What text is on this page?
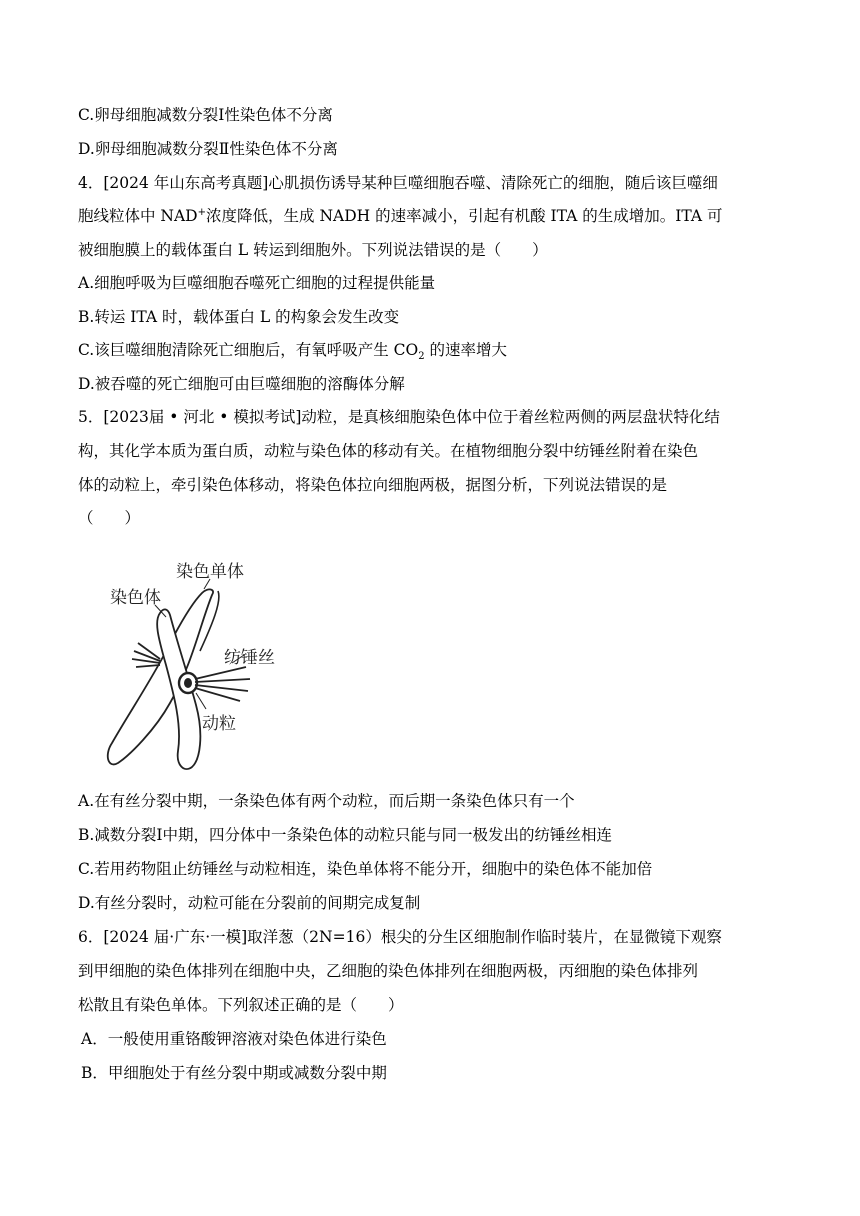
C.卵母细胞减数分裂Ⅰ性染色体不分离
D.卵母细胞减数分裂Ⅱ性染色体不分离
4．[2024 年山东高考真题]心肌损伤诱导某种巨噬细胞吞噬、清除死亡的细胞，随后该巨噬细
胞线粒体中 NAD+浓度降低，生成 NADH 的速率减小，引起有机酸 ITA 的生成增加。ITA 可
被细胞膜上的载体蛋白 L 转运到细胞外。下列说法错误的是（　　）
A.细胞呼吸为巨噬细胞吞噬死亡细胞的过程提供能量
B.转运 ITA 时，载体蛋白 L 的构象会发生改变
C.该巨噬细胞清除死亡细胞后，有氧呼吸产生 $CO_2$ 的速率增大
D.被吞噬的死亡细胞可由巨噬细胞的溶酶体分解
5．[2023届 • 河北 • 模拟考试]动粒，是真核细胞染色体中位于着丝粒两侧的两层盘状特化结
构，其化学本质为蛋白质，动粒与染色体的移动有关。在植物细胞分裂中纺锤丝附着在染色
体的动粒上，牵引染色体移动，将染色体拉向细胞两极，据图分析，下列说法错误的是
（　　）
染色单体
染色体
纺锤丝
动粒
A.在有丝分裂中期，一条染色体有两个动粒，而后期一条染色体只有一个
B.减数分裂I中期，四分体中一条染色体的动粒只能与同一极发出的纺锤丝相连
C.若用药物阻止纺锤丝与动粒相连，染色单体将不能分开，细胞中的染色体不能加倍
D.有丝分裂时，动粒可能在分裂前的间期完成复制
6．[2024 届·广东·一模]取洋葱（2N=16）根尖的分生区细胞制作临时装片，在显微镜下观察
到甲细胞的染色体排列在细胞中央，乙细胞的染色体排列在细胞两极，丙细胞的染色体排列
松散且有染色单体。下列叙述正确的是（　　）
A．一般使用重铬酸钾溶液对染色体进行染色
B．甲细胞处于有丝分裂中期或减数分裂中期
